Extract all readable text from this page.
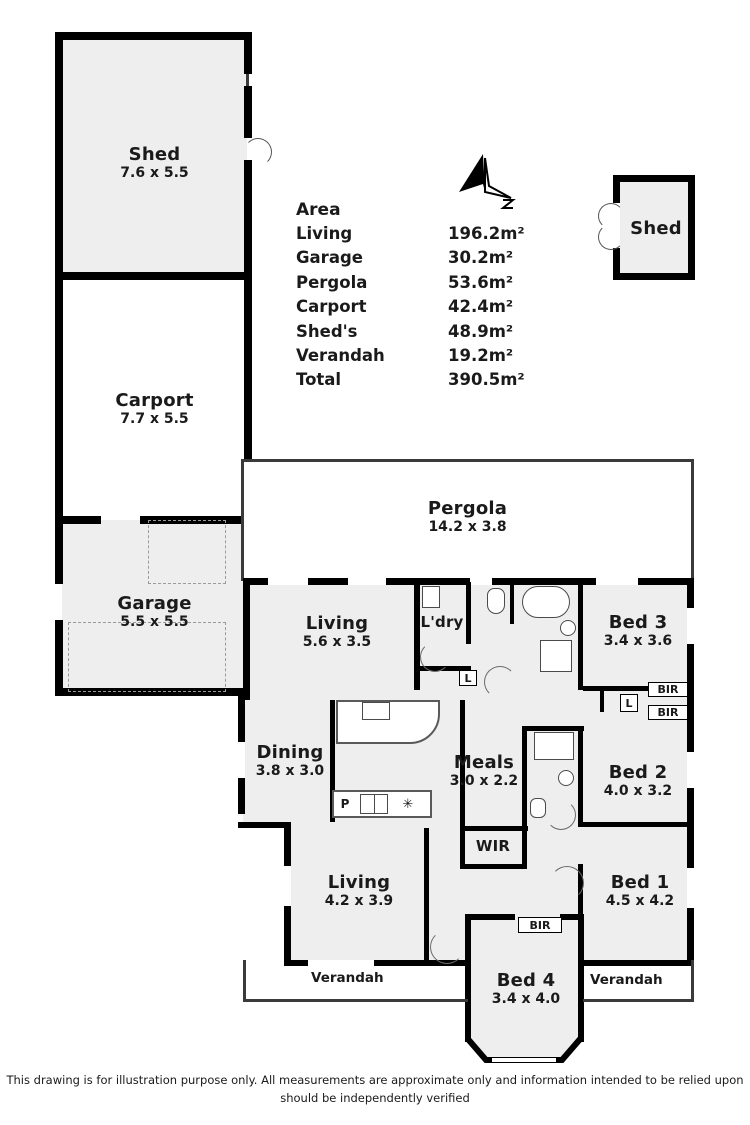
Shed
7.6 x 5.5
Shed
Carport
7.7 x 5.5
Garage
5.5 x 5.5
Pergola
14.2 x 3.8
Living
5.6 x 3.5
L'dry
L
Bed 3
3.4 x 3.6
BIR
BIR
L
Dining
3.8 x 3.0
P	✳
Meals
3.0 x 2.2	Bed 2
4.0 x 3.2
WIR
Living
4.2 x 3.9
Bed 1
4.5 x 4.2
BIR
Bed 4
3.4 x 4.0
Verandah	Verandah
Area
Living	196.2m²
Garage	30.2m²
Pergola	53.6m²
Carport	42.4m²
Shed's	48.9m²
Verandah	19.2m²
Total	390.5m²
This drawing is for illustration purpose only. All measurements are approximate only and information intended to be relied upon should be independently verified
